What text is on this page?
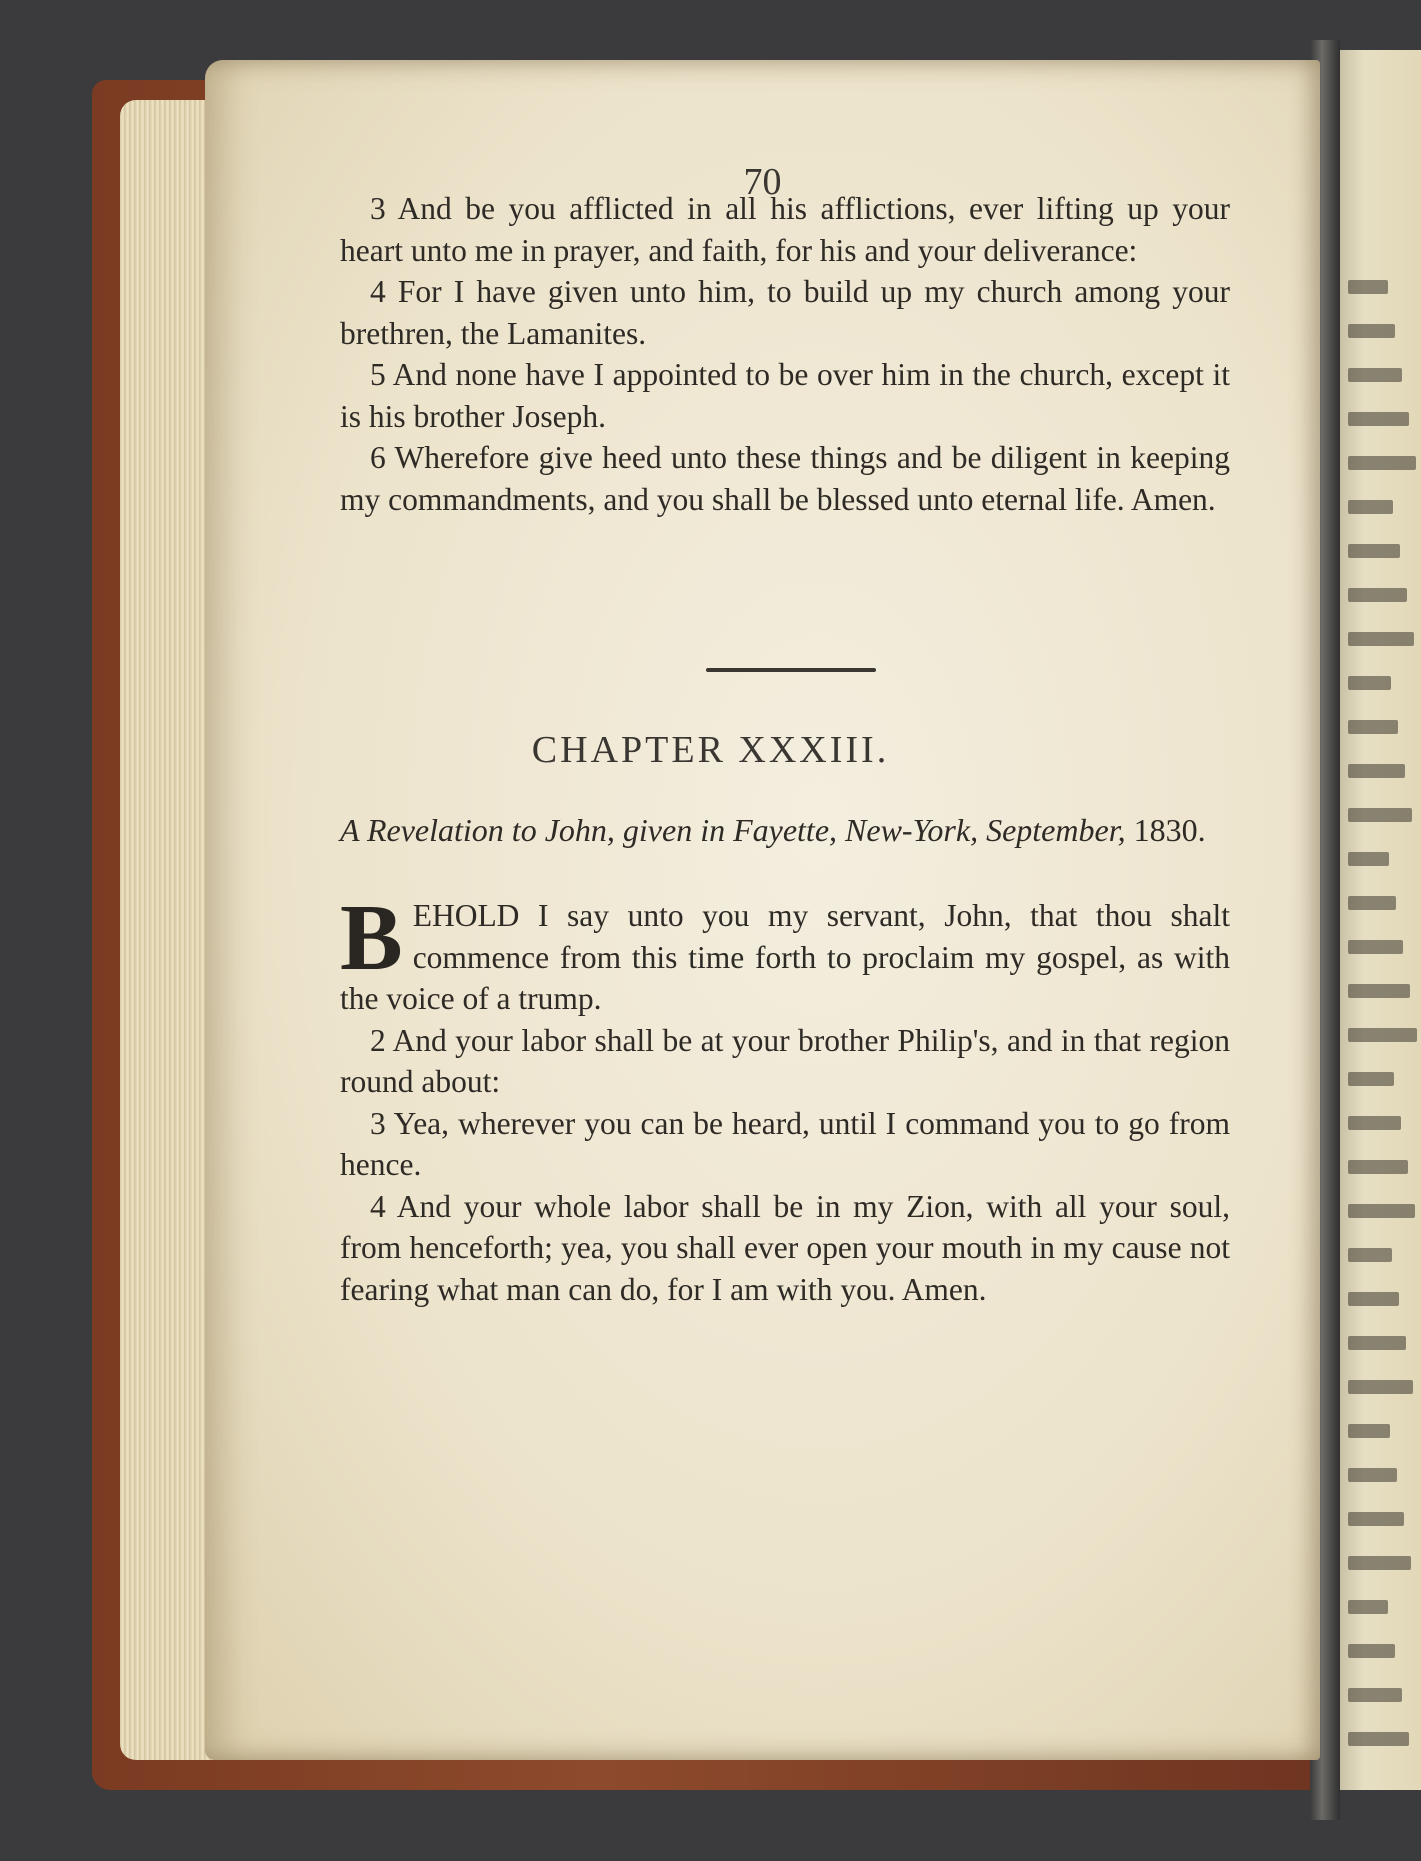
70

3 And be you afflicted in all his afflictions, ever lifting up your heart unto me in prayer, and faith, for his and your deliverance:

4 For I have given unto him, to build up my church among your brethren, the Lamanites.

5 And none have I appointed to be over him in the church, except it is his brother Joseph.

6 Wherefore give heed unto these things and be diligent in keeping my commandments, and you shall be blessed unto eternal life. Amen.

CHAPTER XXXIII.
A Revelation to John, given in Fayette, New-York, September, 1830.

BEHOLD I say unto you my servant, John, that thou shalt commence from this time forth to proclaim my gospel, as with the voice of a trump.

2 And your labor shall be at your brother Philip's, and in that region round about:

3 Yea, wherever you can be heard, until I command you to go from hence.

4 And your whole labor shall be in my Zion, with all your soul, from henceforth; yea, you shall ever open your mouth in my cause not fearing what man can do, for I am with you. Amen.
